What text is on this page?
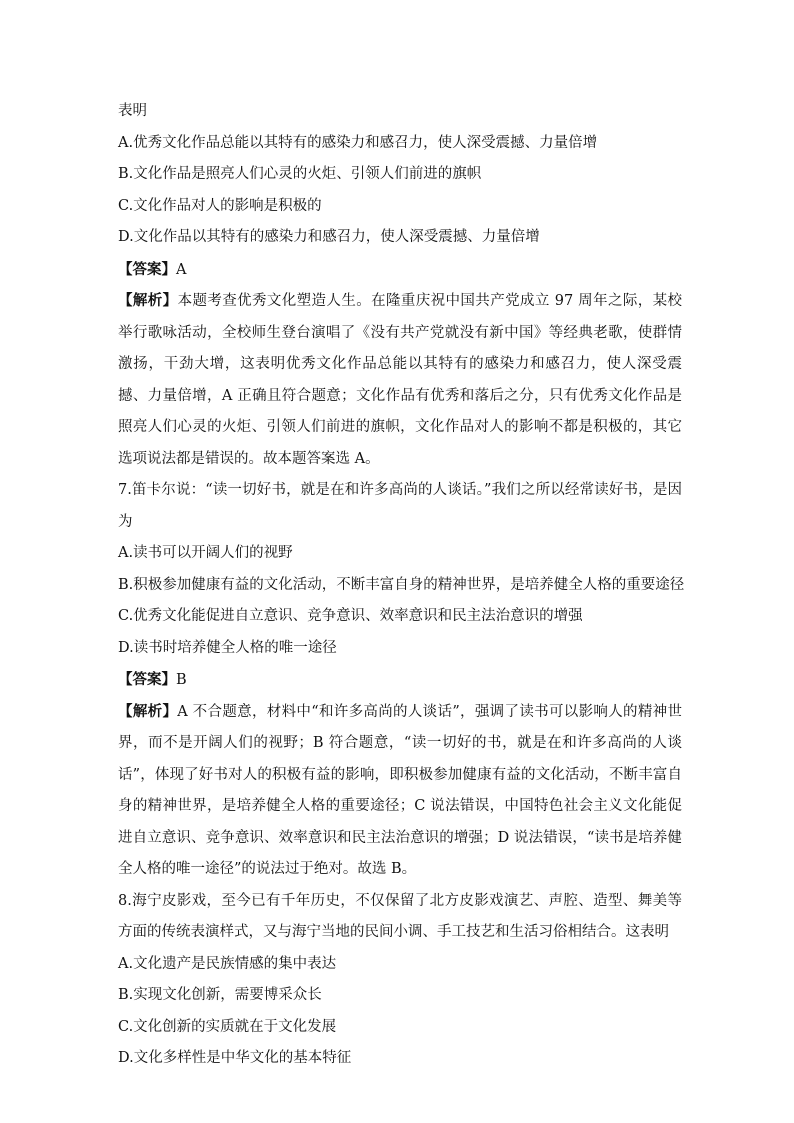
表明
A.优秀文化作品总能以其特有的感染力和感召力，使人深受震撼、力量倍增
B.文化作品是照亮人们心灵的火炬、引领人们前进的旗帜
C.文化作品对人的影响是积极的
D.文化作品以其特有的感染力和感召力，使人深受震撼、力量倍增
【答案】A
【解析】本题考查优秀文化塑造人生。在隆重庆祝中国共产党成立 97 周年之际，某校举行歌咏活动，全校师生登台演唱了《没有共产党就没有新中国》等经典老歌，使群情激扬，干劲大增，这表明优秀文化作品总能以其特有的感染力和感召力，使人深受震撼、力量倍增，A 正确且符合题意；文化作品有优秀和落后之分，只有优秀文化作品是照亮人们心灵的火炬、引领人们前进的旗帜，文化作品对人的影响不都是积极的，其它选项说法都是错误的。故本题答案选 A。
7.笛卡尔说：“读一切好书，就是在和许多高尚的人谈话。”我们之所以经常读好书，是因为
A.读书可以开阔人们的视野
B.积极参加健康有益的文化活动，不断丰富自身的精神世界，是培养健全人格的重要途径
C.优秀文化能促进自立意识、竞争意识、效率意识和民主法治意识的增强
D.读书时培养健全人格的唯一途径
【答案】B
【解析】A 不合题意，材料中“和许多高尚的人谈话”，强调了读书可以影响人的精神世界，而不是开阔人们的视野；B 符合题意，“读一切好的书，就是在和许多高尚的人谈话”，体现了好书对人的积极有益的影响，即积极参加健康有益的文化活动，不断丰富自身的精神世界，是培养健全人格的重要途径；C 说法错误，中国特色社会主义文化能促进自立意识、竞争意识、效率意识和民主法治意识的增强；D 说法错误，“读书是培养健全人格的唯一途径”的说法过于绝对。故选 B。
8.海宁皮影戏，至今已有千年历史，不仅保留了北方皮影戏演艺、声腔、造型、舞美等方面的传统表演样式，又与海宁当地的民间小调、手工技艺和生活习俗相结合。这表明
A.文化遗产是民族情感的集中表达
B.实现文化创新，需要博采众长
C.文化创新的实质就在于文化发展
D.文化多样性是中华文化的基本特征
